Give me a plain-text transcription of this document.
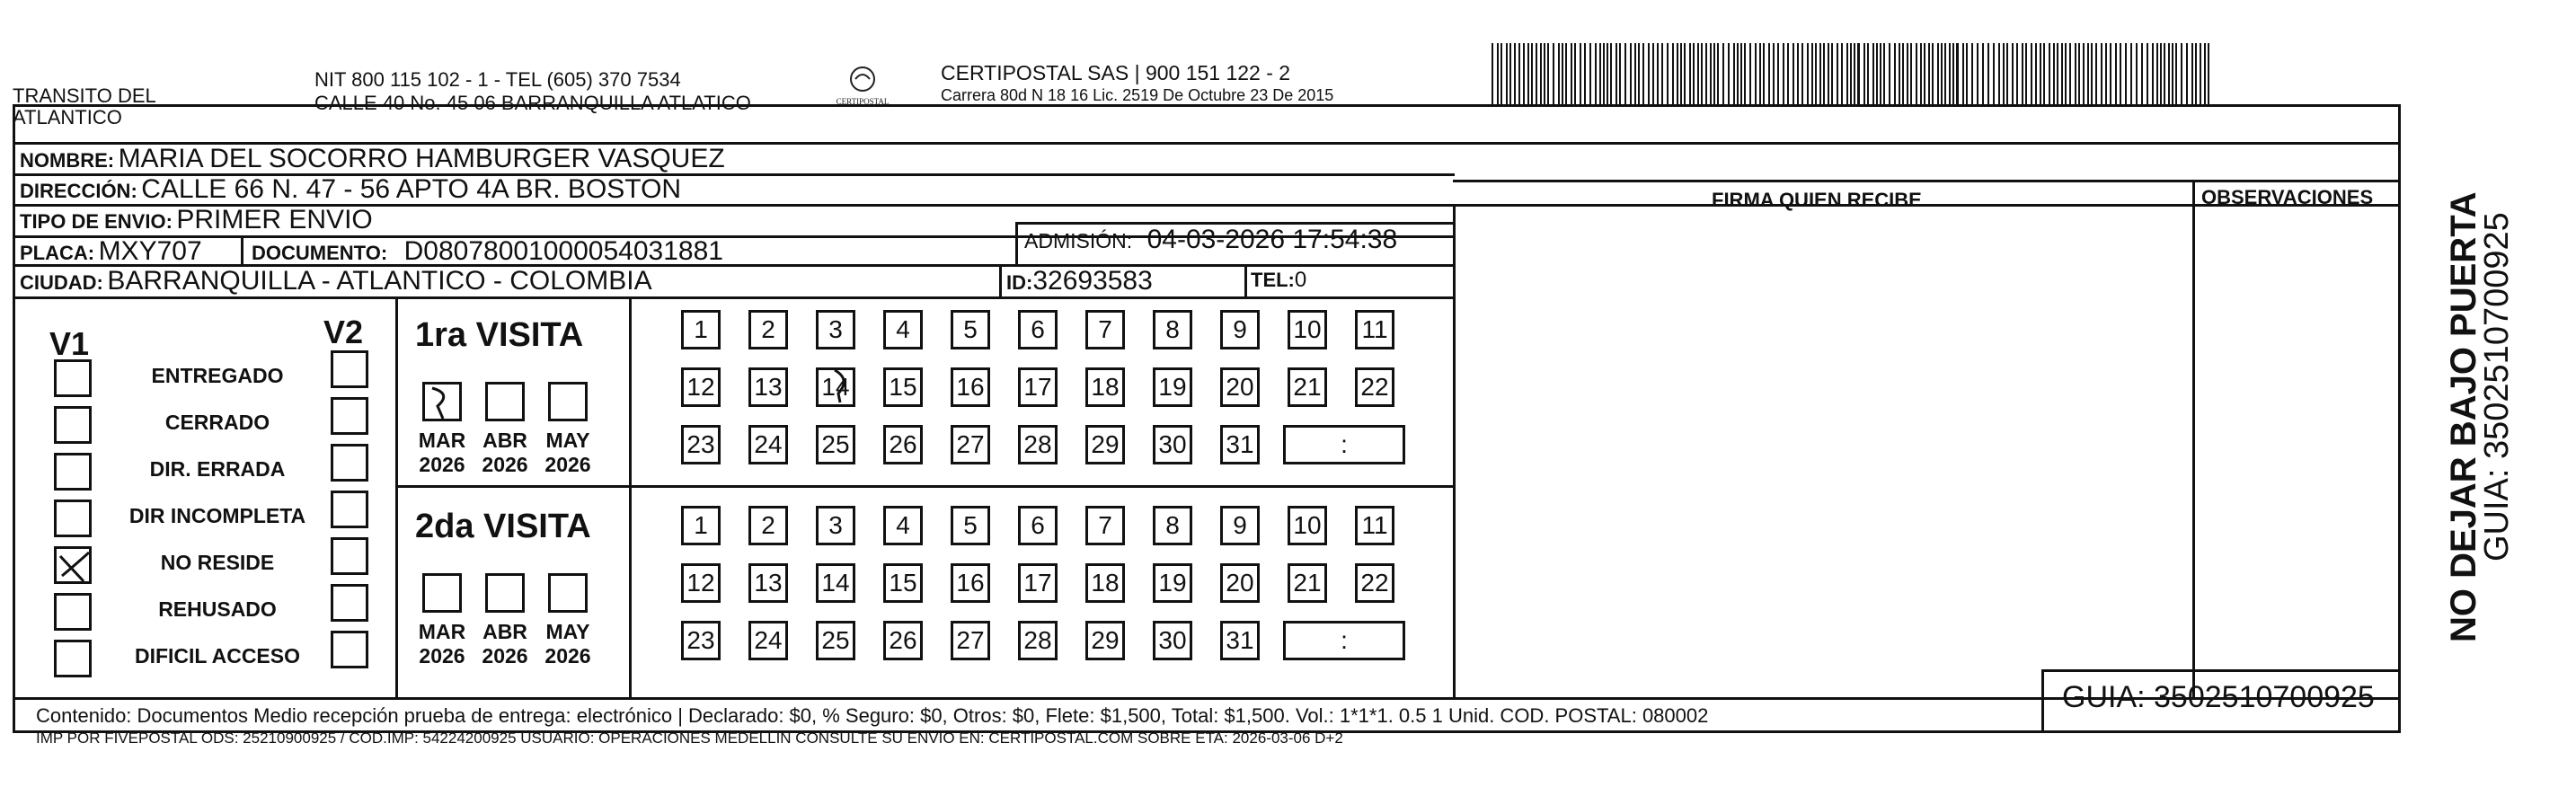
TRANSITO DEL ATLANTICO
NIT 800 115 102 - 1 - TEL (605) 370 7534
CALLE 40 No. 45 06 BARRANQUILLA ATLATICO	CERTIPOSTAL
CERTIPOSTAL SAS | 900 151 122 - 2
Carrera 80d N 18 16 Lic. 2519 De Octubre 23 De 2015
NOMBRE: MARIA DEL SOCORRO HAMBURGER VASQUEZ
DIRECCIÓN: CALLE 66 N. 47 - 56 APTO 4A BR. BOSTON
TIPO DE ENVIO: PRIMER ENVIO
PLACA: MXY707	DOCUMENTO: D08078001000054031881	ADMISIÓN: 04-03-2026 17:54:38
CIUDAD: BARRANQUILLA - ATLANTICO - COLOMBIA	ID:32693583	TEL:0
FIRMA QUIEN RECIBE	OBSERVACIONES
GUIA: 3502510700925
NO DEJAR BAJO PUERTA
GUIA: 3502510700925
V1	V2
ENTREGADO
CERRADO
DIR. ERRADA
DIR INCOMPLETA
NO RESIDE
REHUSADO
DIFICIL ACCESO
1ra VISITA
2da VISITA
MAR
2026
ABR
2026
MAY
2026
MAR
2026
ABR
2026
MAY
2026
1 2 3 4 5 6 7 8 9 10 11
12 13 14 15 16 17 18 19 20 21 22
23 24 25 26 27 28 29 30 31	:
1 2 3 4 5 6 7 8 9 10 11
12 13 14 15 16 17 18 19 20 21 22
23 24 25 26 27 28 29 30 31	:
Contenido: Documentos Medio recepción prueba de entrega: electrónico | Declarado: $0, % Seguro: $0, Otros: $0, Flete: $1,500, Total: $1,500. Vol.: 1*1*1. 0.5 1 Unid. COD. POSTAL: 080002
IMP POR FIVEPOSTAL ODS: 25210900925 / COD.IMP: 54224200925 USUARIO: OPERACIONES MEDELLIN CONSULTE SU ENVIO EN: CERTIPOSTAL.COM SOBRE ETA: 2026-03-06 D+2
